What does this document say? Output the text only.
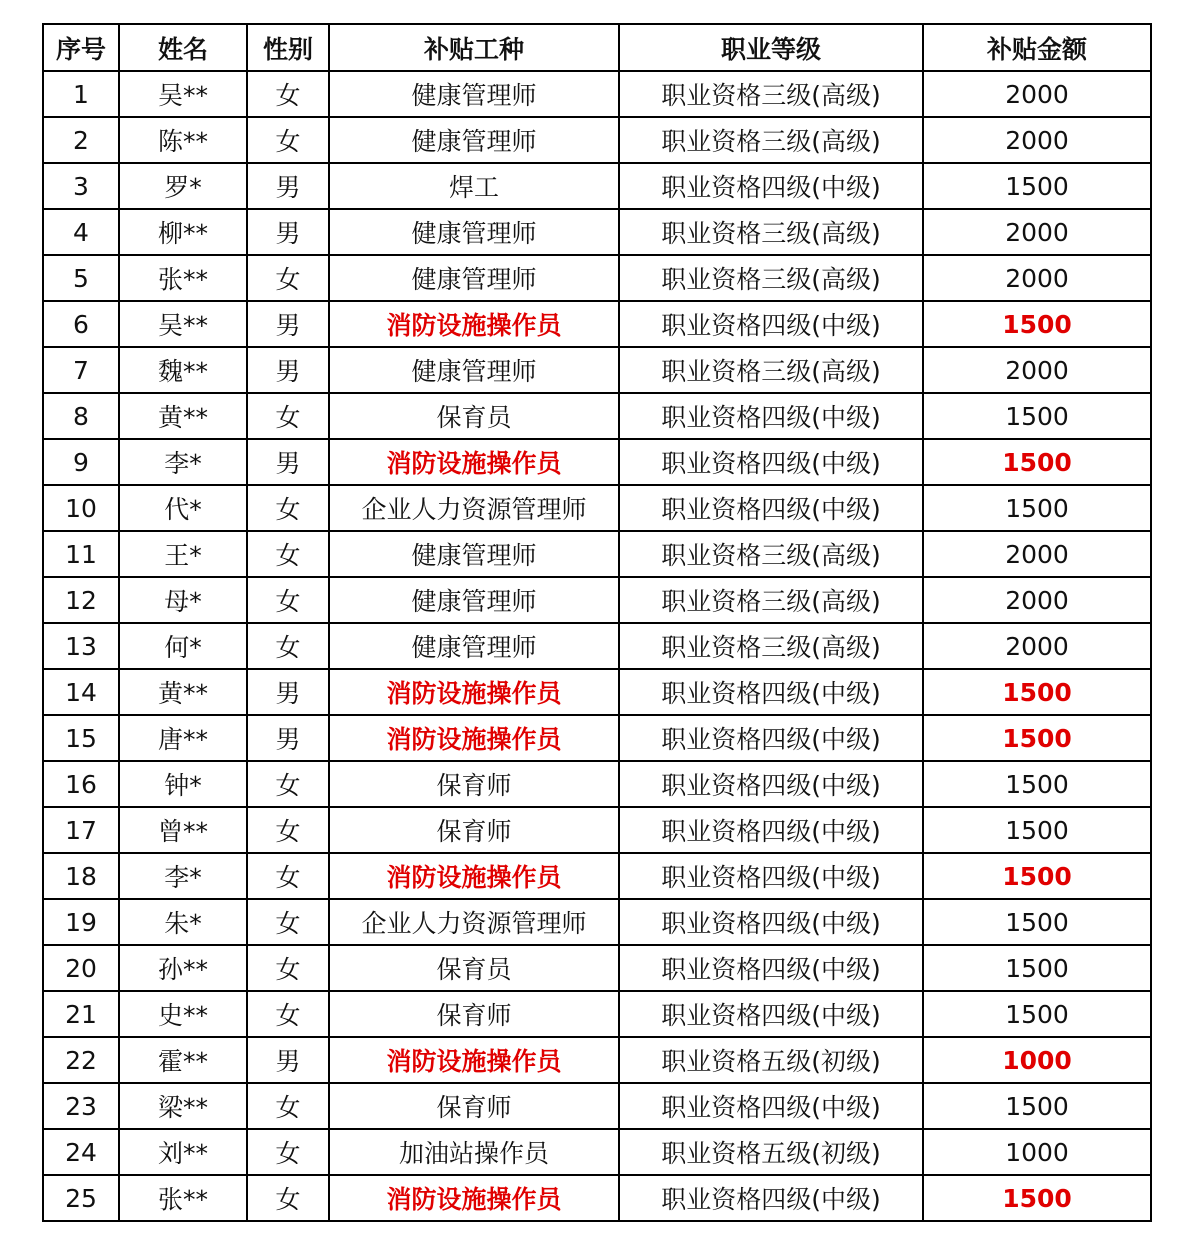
序号	姓名	性别	补贴工种	职业等级	补贴金额
1	吴**	女	健康管理师	职业资格三级(高级)	2000
2	陈**	女	健康管理师	职业资格三级(高级)	2000
3	罗*	男	焊工	职业资格四级(中级)	1500
4	柳**	男	健康管理师	职业资格三级(高级)	2000
5	张**	女	健康管理师	职业资格三级(高级)	2000
6	吴**	男	消防设施操作员	职业资格四级(中级)	1500
7	魏**	男	健康管理师	职业资格三级(高级)	2000
8	黄**	女	保育员	职业资格四级(中级)	1500
9	李*	男	消防设施操作员	职业资格四级(中级)	1500
10	代*	女	企业人力资源管理师	职业资格四级(中级)	1500
11	王*	女	健康管理师	职业资格三级(高级)	2000
12	母*	女	健康管理师	职业资格三级(高级)	2000
13	何*	女	健康管理师	职业资格三级(高级)	2000
14	黄**	男	消防设施操作员	职业资格四级(中级)	1500
15	唐**	男	消防设施操作员	职业资格四级(中级)	1500
16	钟*	女	保育师	职业资格四级(中级)	1500
17	曾**	女	保育师	职业资格四级(中级)	1500
18	李*	女	消防设施操作员	职业资格四级(中级)	1500
19	朱*	女	企业人力资源管理师	职业资格四级(中级)	1500
20	孙**	女	保育员	职业资格四级(中级)	1500
21	史**	女	保育师	职业资格四级(中级)	1500
22	霍**	男	消防设施操作员	职业资格五级(初级)	1000
23	梁**	女	保育师	职业资格四级(中级)	1500
24	刘**	女	加油站操作员	职业资格五级(初级)	1000
25	张**	女	消防设施操作员	职业资格四级(中级)	1500
